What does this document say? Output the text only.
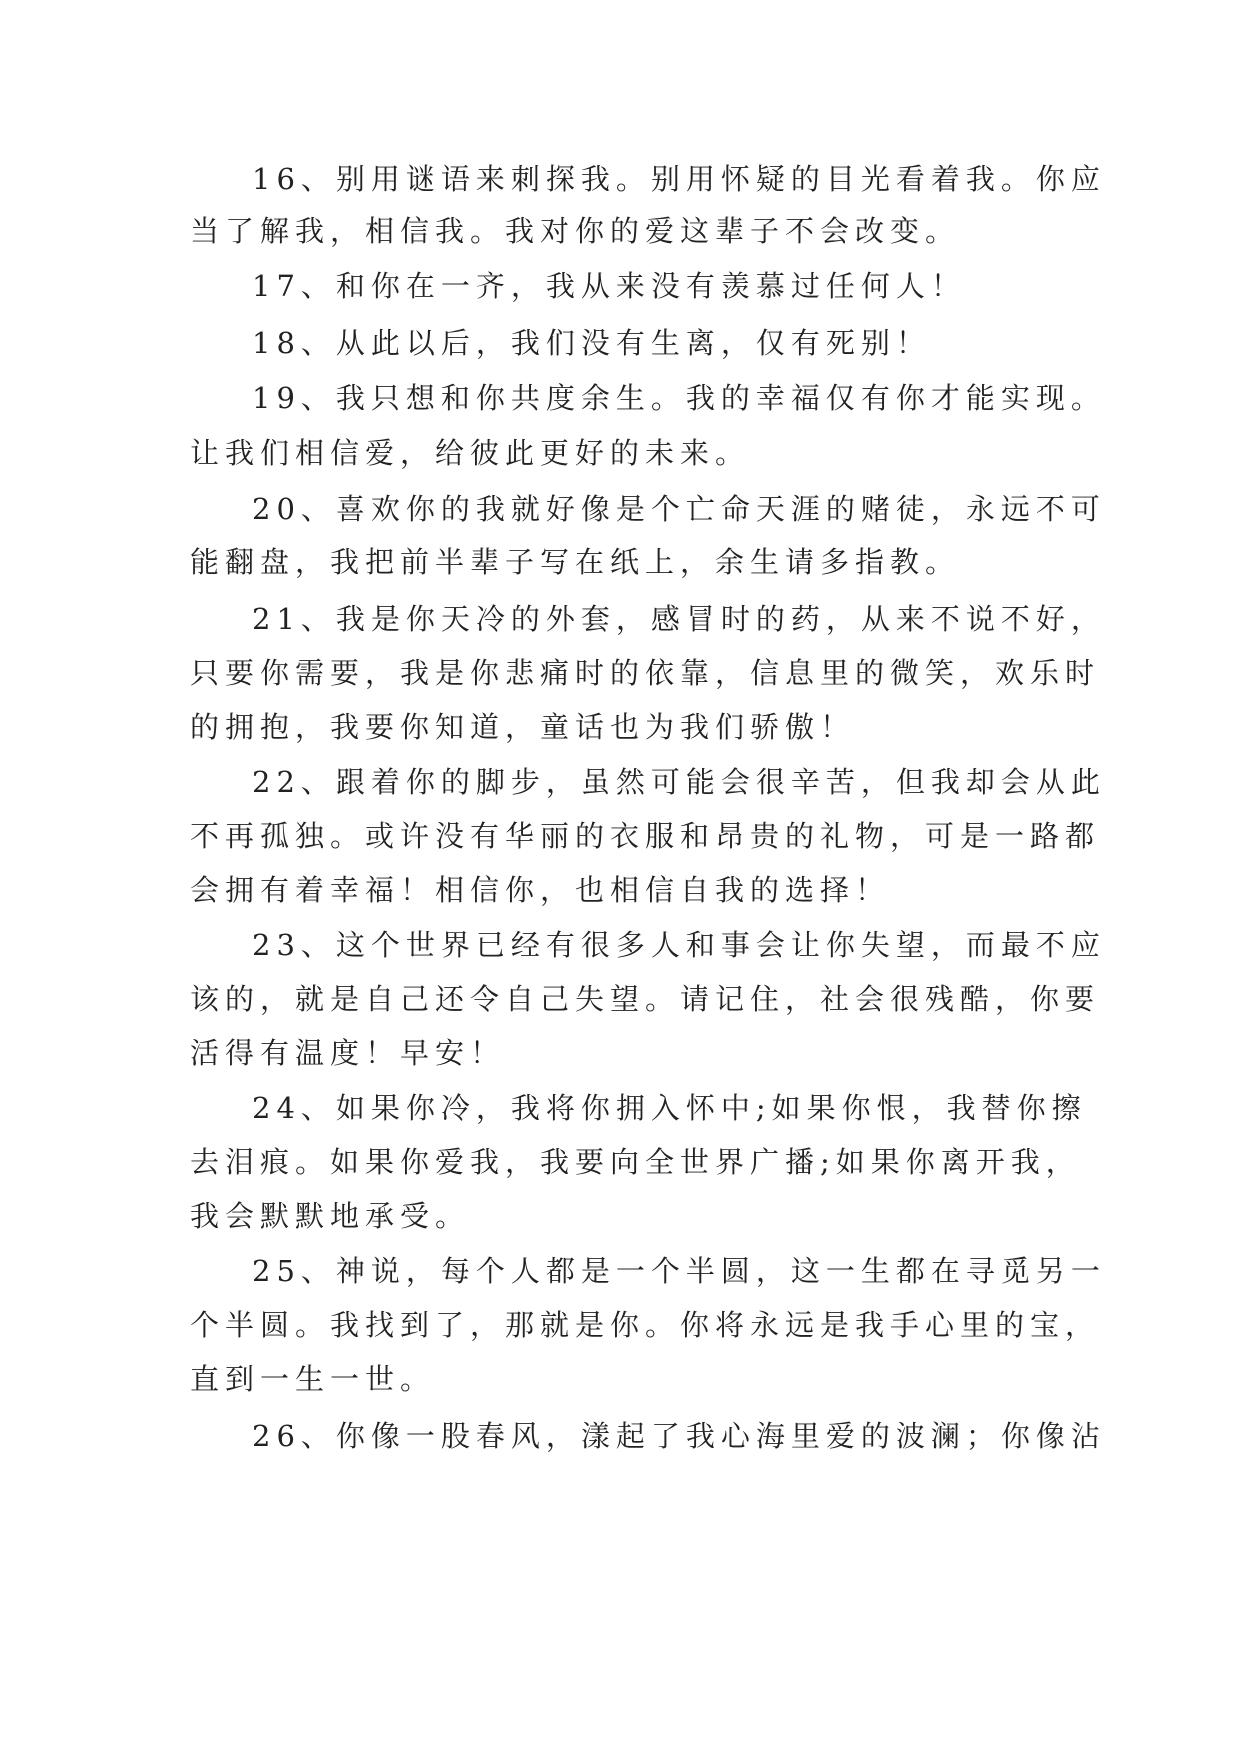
16、别用谜语来刺探我。别用怀疑的目光看着我。你应
当了解我，相信我。我对你的爱这辈子不会改变。
17、和你在一齐，我从来没有羡慕过任何人！
18、从此以后，我们没有生离，仅有死别！
19、我只想和你共度余生。我的幸福仅有你才能实现。
让我们相信爱，给彼此更好的未来。
20、喜欢你的我就好像是个亡命天涯的赌徒，永远不可
能翻盘，我把前半辈子写在纸上，余生请多指教。
21、我是你天冷的外套，感冒时的药，从来不说不好，
只要你需要，我是你悲痛时的依靠，信息里的微笑，欢乐时
的拥抱，我要你知道，童话也为我们骄傲！
22、跟着你的脚步，虽然可能会很辛苦，但我却会从此
不再孤独。或许没有华丽的衣服和昂贵的礼物，可是一路都
会拥有着幸福！相信你，也相信自我的选择！
23、这个世界已经有很多人和事会让你失望，而最不应
该的，就是自己还令自己失望。请记住，社会很残酷，你要
活得有温度！早安！
24、如果你冷，我将你拥入怀中;如果你恨，我替你擦
去泪痕。如果你爱我，我要向全世界广播;如果你离开我，
我会默默地承受。
25、神说，每个人都是一个半圆，这一生都在寻觅另一
个半圆。我找到了，那就是你。你将永远是我手心里的宝，
直到一生一世。
26、你像一股春风，漾起了我心海里爱的波澜；你像沾
